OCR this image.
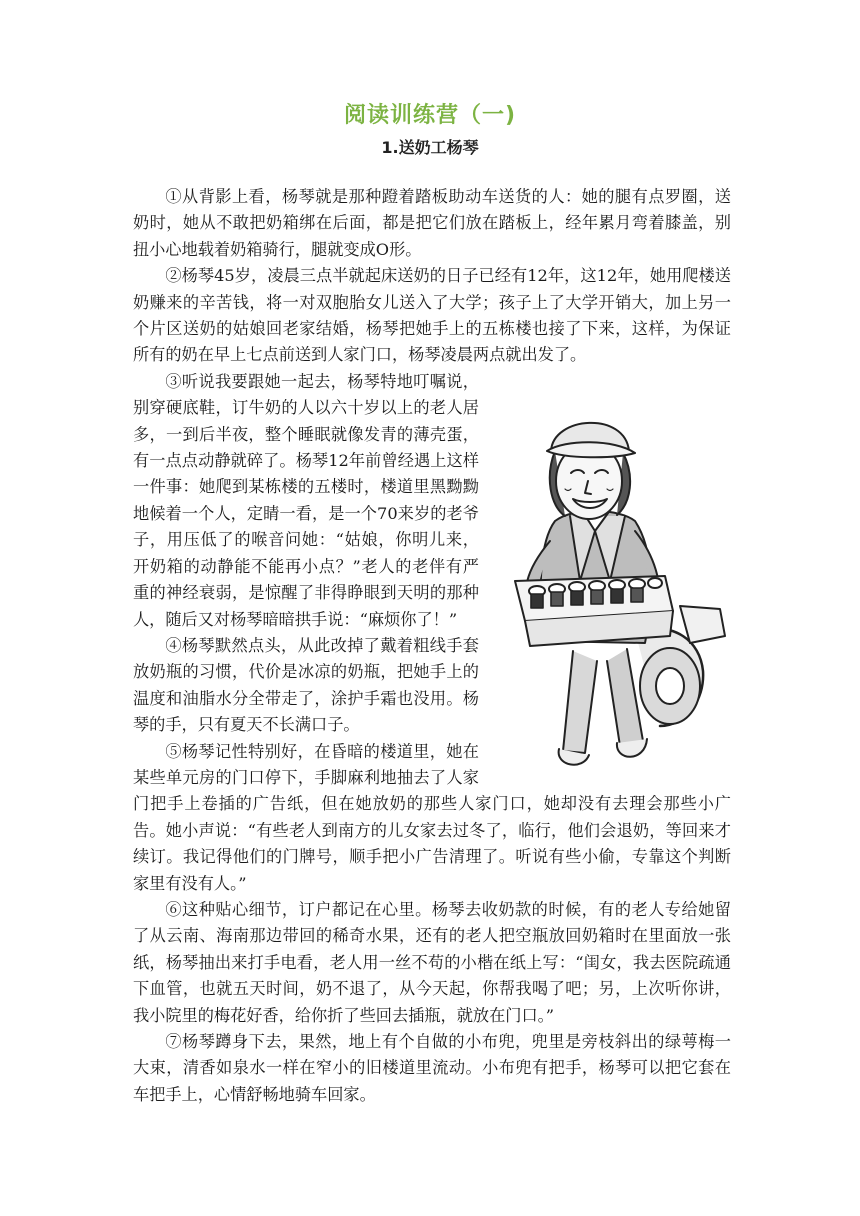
阅读训练营（一)
1.送奶工杨琴

①从背影上看，杨琴就是那种蹬着踏板助动车送货的人：她的腿有点罗圈，送奶时，她从不敢把奶箱绑在后面，都是把它们放在踏板上，经年累月弯着膝盖，别扭小心地载着奶箱骑行，腿就变成O形。

②杨琴45岁，凌晨三点半就起床送奶的日子已经有12年，这12年，她用爬楼送奶赚来的辛苦钱，将一对双胞胎女儿送入了大学；孩子上了大学开销大，加上另一个片区送奶的姑娘回老家结婚，杨琴把她手上的五栋楼也接了下来，这样，为保证所有的奶在早上七点前送到人家门口，杨琴凌晨两点就出发了。

③听说我要跟她一起去，杨琴特地叮嘱说，别穿硬底鞋，订牛奶的人以六十岁以上的老人居多，一到后半夜，整个睡眠就像发青的薄壳蛋，有一点点动静就碎了。杨琴12年前曾经遇上这样一件事：她爬到某栋楼的五楼时，楼道里黑黝黝地候着一个人，定睛一看，是一个70来岁的老爷子，用压低了的喉音问她：“姑娘，你明儿来，开奶箱的动静能不能再小点？”老人的老伴有严重的神经衰弱，是惊醒了非得睁眼到天明的那种人，随后又对杨琴暗暗拱手说：“麻烦你了！”

④杨琴默然点头，从此改掉了戴着粗线手套放奶瓶的习惯，代价是冰凉的奶瓶，把她手上的温度和油脂水分全带走了，涂护手霜也没用。杨琴的手，只有夏天不长满口子。

⑤杨琴记性特别好，在昏暗的楼道里，她在某些单元房的门口停下，手脚麻利地抽去了人家门把手上卷插的广告纸，但在她放奶的那些人家门口，她却没有去理会那些小广告。她小声说：“有些老人到南方的儿女家去过冬了，临行，他们会退奶，等回来才续订。我记得他们的门牌号，顺手把小广告清理了。听说有些小偷，专靠这个判断家里有没有人。”

⑥这种贴心细节，订户都记在心里。杨琴去收奶款的时候，有的老人专给她留了从云南、海南那边带回的稀奇水果，还有的老人把空瓶放回奶箱时在里面放一张纸，杨琴抽出来打手电看，老人用一丝不苟的小楷在纸上写：“闺女，我去医院疏通下血管，也就五天时间，奶不退了，从今天起，你帮我喝了吧；另，上次听你讲，我小院里的梅花好香，给你折了些回去插瓶，就放在门口。”

⑦杨琴蹲身下去，果然，地上有个自做的小布兜，兜里是旁枝斜出的绿萼梅一大束，清香如泉水一样在窄小的旧楼道里流动。小布兜有把手，杨琴可以把它套在车把手上，心情舒畅地骑车回家。
